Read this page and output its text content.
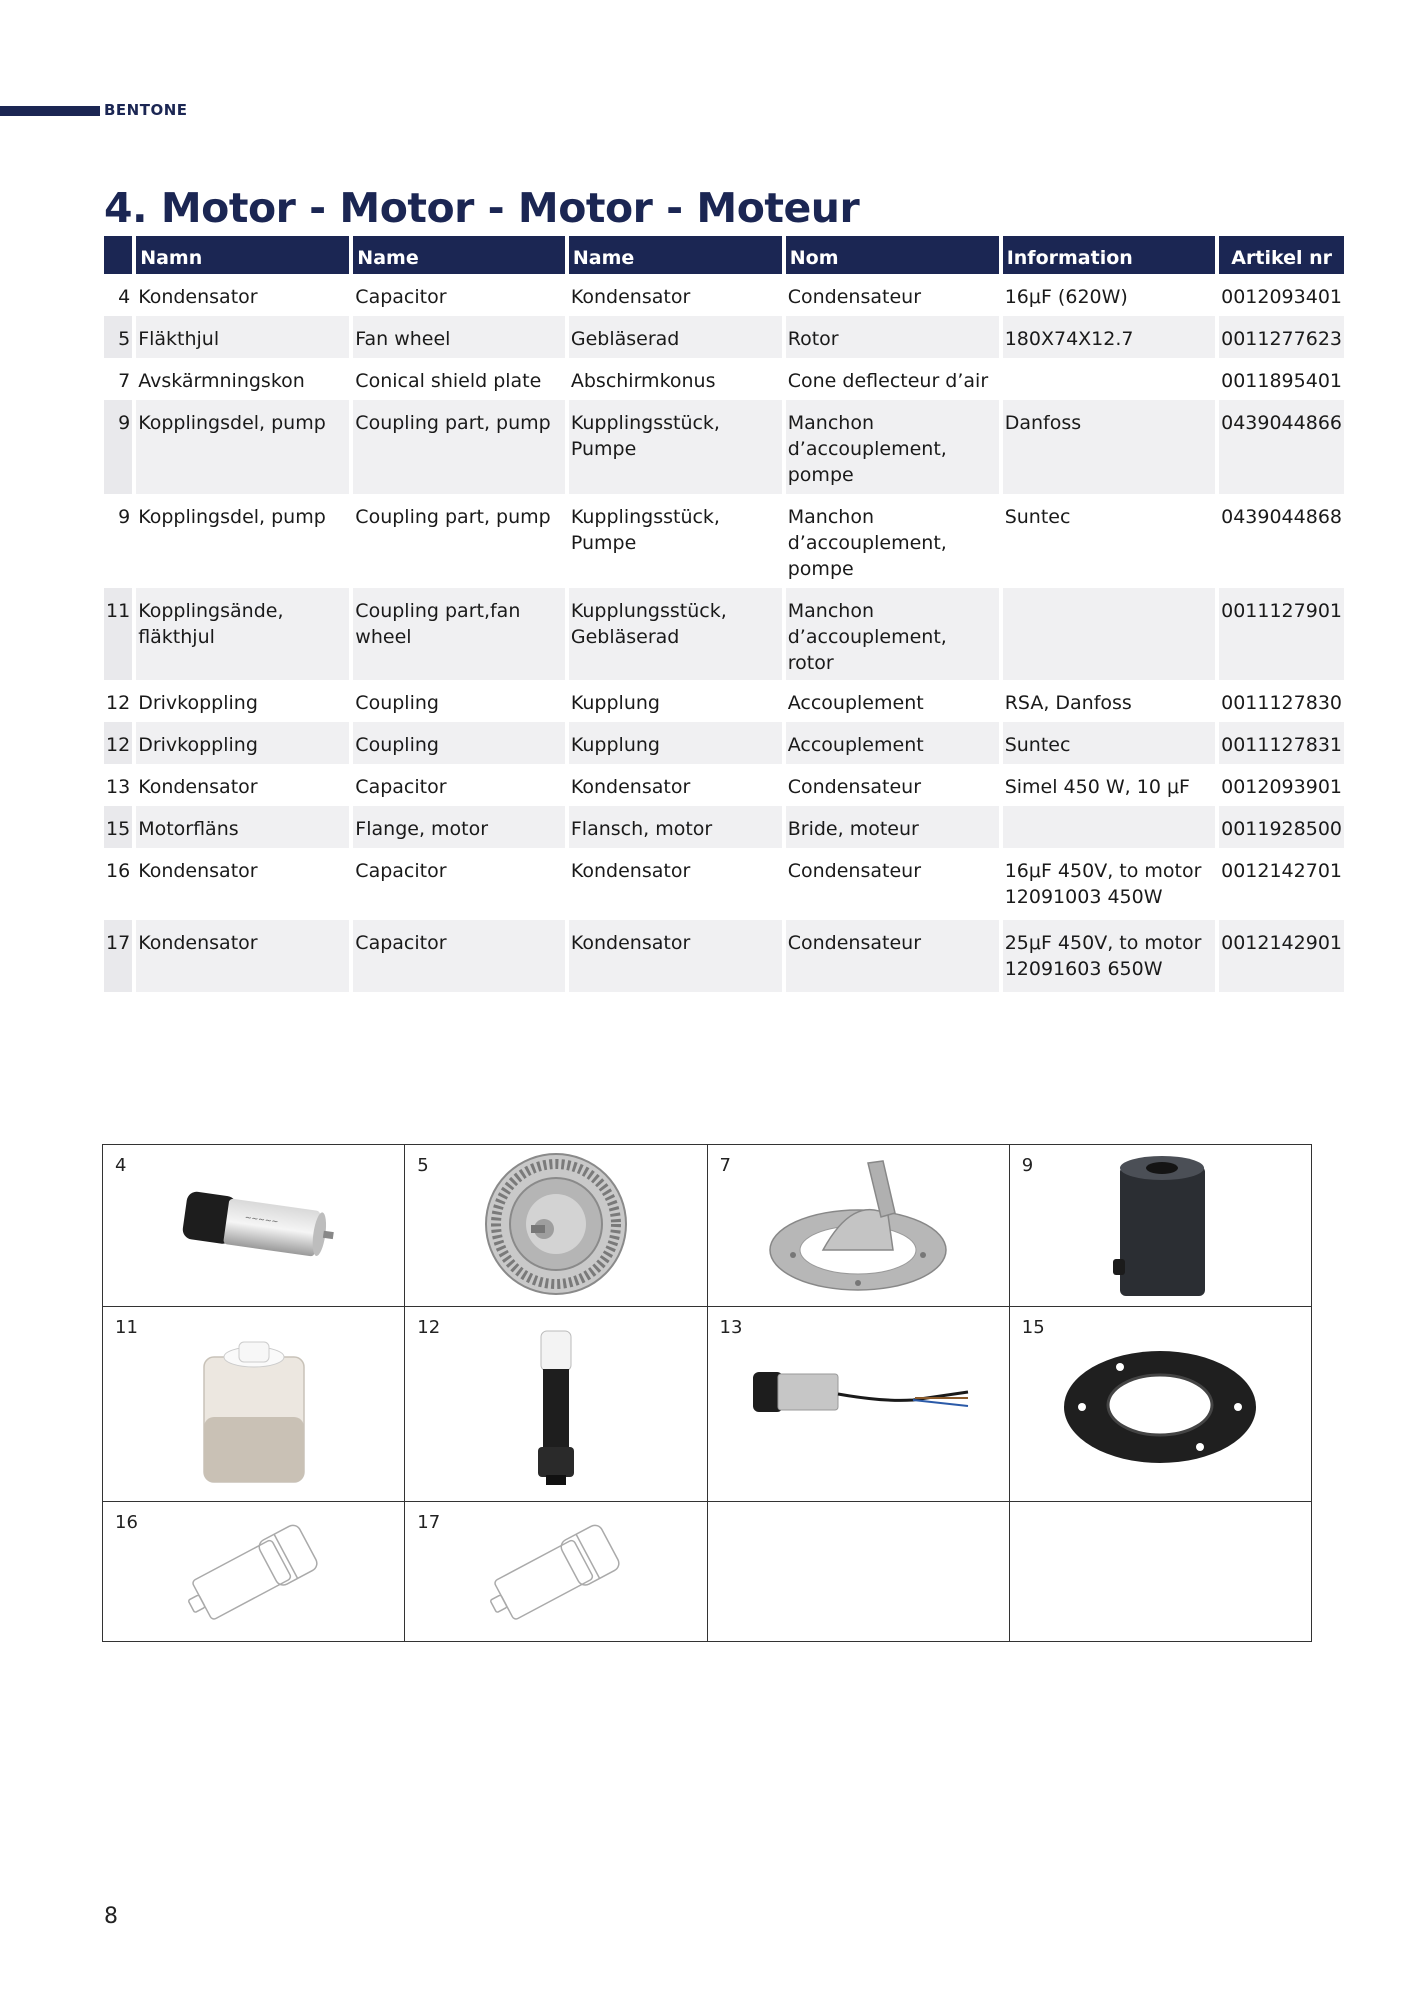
BENTONE
4. Motor - Motor - Motor - Moteur
	Namn	Name	Name	Nom	Information	Artikel nr
4	Kondensator	Capacitor	Kondensator	Condensateur	16μF (620W)	0012093401
5	Fläkthjul	Fan wheel	Gebläserad	Rotor	180X74X12.7	0011277623
7	Avskärmningskon	Conical shield plate	Abschirmkonus	Cone deflecteur d’air		0011895401
9	Kopplingsdel, pump	Coupling part, pump	Kupplingsstück, Pumpe	Manchon d’accouplement, pompe	Danfoss	0439044866
9	Kopplingsdel, pump	Coupling part, pump	Kupplingsstück, Pumpe	Manchon d’accouplement, pompe	Suntec	0439044868
11	Kopplingsände, fläkthjul	Coupling part,fan wheel	Kupplungsstück, Gebläserad	Manchon d’accouplement, rotor		0011127901
12	Drivkoppling	Coupling	Kupplung	Accouplement	RSA, Danfoss	0011127830
12	Drivkoppling	Coupling	Kupplung	Accouplement	Suntec	0011127831
13	Kondensator	Capacitor	Kondensator	Condensateur	Simel 450 W, 10 μF	0012093901
15	Motorfläns	Flange, motor	Flansch, motor	Bride, moteur		0011928500
16	Kondensator	Capacitor	Kondensator	Condensateur	16μF 450V, to motor 12091003 450W	0012142701
17	Kondensator	Capacitor	Kondensator	Condensateur	25μF 450V, to motor 12091603 650W	0012142901
4
~~~~~	5	7	9

11	12	13	15

16	17		

8
